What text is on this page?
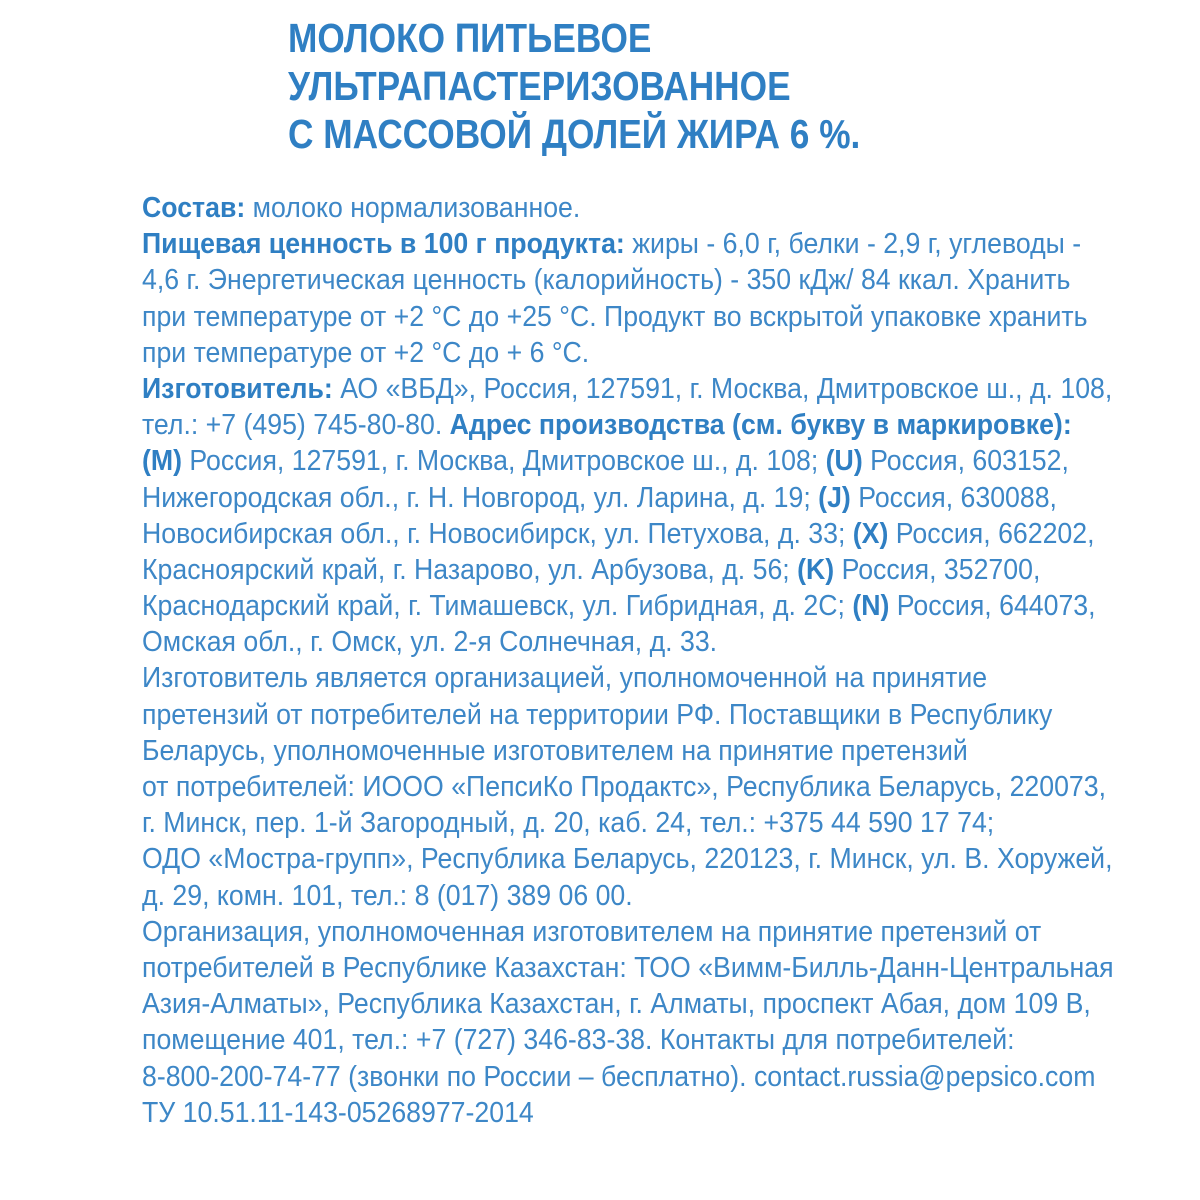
МОЛОКО ПИТЬЕВОЕ
УЛЬТРАПАСТЕРИЗОВАННОЕ
С МАССОВОЙ ДОЛЕЙ ЖИРА 6 %.
Состав: молоко нормализованное.
Пищевая ценность в 100 г продукта: жиры - 6,0 г, белки - 2,9 г, углеводы -
4,6 г. Энергетическая ценность (калорийность) - 350 кДж/ 84 ккал. Хранить
при температуре от +2 °С до +25 °С. Продукт во вскрытой упаковке хранить
при температуре от +2 °С до + 6 °С.
Изготовитель: АО «ВБД», Россия, 127591, г. Москва, Дмитровское ш., д. 108,
тел.: +7 (495) 745-80-80. Адрес производства (см. букву в маркировке):
(М) Россия, 127591, г. Москва, Дмитровское ш., д. 108; (U) Россия, 603152,
Нижегородская обл., г. Н. Новгород, ул. Ларина, д. 19; (J) Россия, 630088,
Новосибирская обл., г. Новосибирск, ул. Петухова, д. 33; (X) Россия, 662202,
Красноярский край, г. Назарово, ул. Арбузова, д. 56; (K) Россия, 352700,
Краснодарский край, г. Тимашевск, ул. Гибридная, д. 2С; (N) Россия, 644073,
Омская обл., г. Омск, ул. 2-я Солнечная, д. 33.
Изготовитель является организацией, уполномоченной на принятие
претензий от потребителей на территории РФ. Поставщики в Республику
Беларусь, уполномоченные изготовителем на принятие претензий
от потребителей: ИООО «ПепсиКо Продактс», Республика Беларусь, 220073,
г. Минск, пер. 1-й Загородный, д. 20, каб. 24, тел.: +375 44 590 17 74;
ОДО «Мостра-групп», Республика Беларусь, 220123, г. Минск, ул. В. Хоружей,
д. 29, комн. 101, тел.: 8 (017) 389 06 00.
Организация, уполномоченная изготовителем на принятие претензий от
потребителей в Республике Казахстан: ТОО «Вимм-Билль-Данн-Центральная
Азия-Алматы», Республика Казахстан, г. Алматы, проспект Абая, дом 109 В,
помещение 401, тел.: +7 (727) 346-83-38. Контакты для потребителей:
8-800-200-74-77 (звонки по России – бесплатно). contact.russia@pepsico.com
ТУ 10.51.11-143-05268977-2014
